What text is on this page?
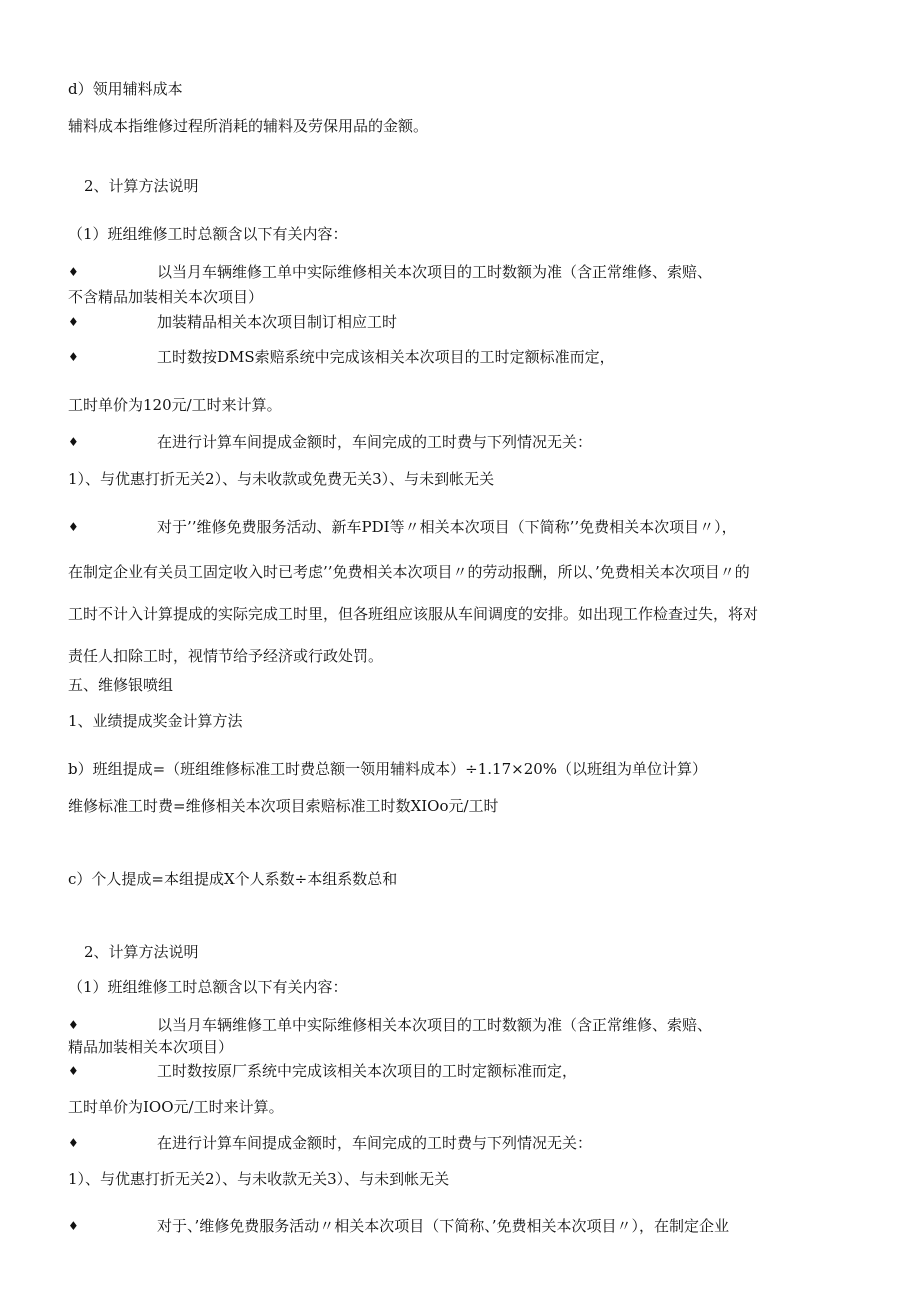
d）领用辅料成本
辅料成本指维修过程所消耗的辅料及劳保用品的金额。
2、计算方法说明
（1）班组维修工时总额含以下有关内容：
♦	以当月车辆维修工单中实际维修相关本次项目的工时数额为准（含正常维修、索赔、
不含精品加装相关本次项目）
♦	加装精品相关本次项目制订相应工时
♦	工时数按DMS索赔系统中完成该相关本次项目的工时定额标准而定，
工时单价为120元/工时来计算。
♦	在进行计算车间提成金额时，车间完成的工时费与下列情况无关：
1）、与优惠打折无关2）、与未收款或免费无关3）、与未到帐无关
♦	对于’’维修免费服务活动、新车PDI等〃相关本次项目（下简称’’免费相关本次项目〃），
在制定企业有关员工固定收入时已考虑’’免费相关本次项目〃的劳动报酬，所以、’免费相关本次项目〃的
工时不计入计算提成的实际完成工时里，但各班组应该服从车间调度的安排。如出现工作检查过失，将对
责任人扣除工时，视情节给予经济或行政处罚。
五、维修银喷组
1、业绩提成奖金计算方法
b）班组提成=（班组维修标准工时费总额一领用辅料成本）÷1.17×20%（以班组为单位计算）
维修标准工时费=维修相关本次项目索赔标准工时数XIOo元/工时
c）个人提成=本组提成X个人系数÷本组系数总和
2、计算方法说明
（1）班组维修工时总额含以下有关内容：
♦	以当月车辆维修工单中实际维修相关本次项目的工时数额为准（含正常维修、索赔、
精品加装相关本次项目）
♦	工时数按原厂系统中完成该相关本次项目的工时定额标准而定，
工时单价为IOO元/工时来计算。
♦	在进行计算车间提成金额时，车间完成的工时费与下列情况无关：
1）、与优惠打折无关2）、与未收款无关3）、与未到帐无关
♦	对于、’维修免费服务活动〃相关本次项目（下简称、’免费相关本次项目〃），在制定企业
